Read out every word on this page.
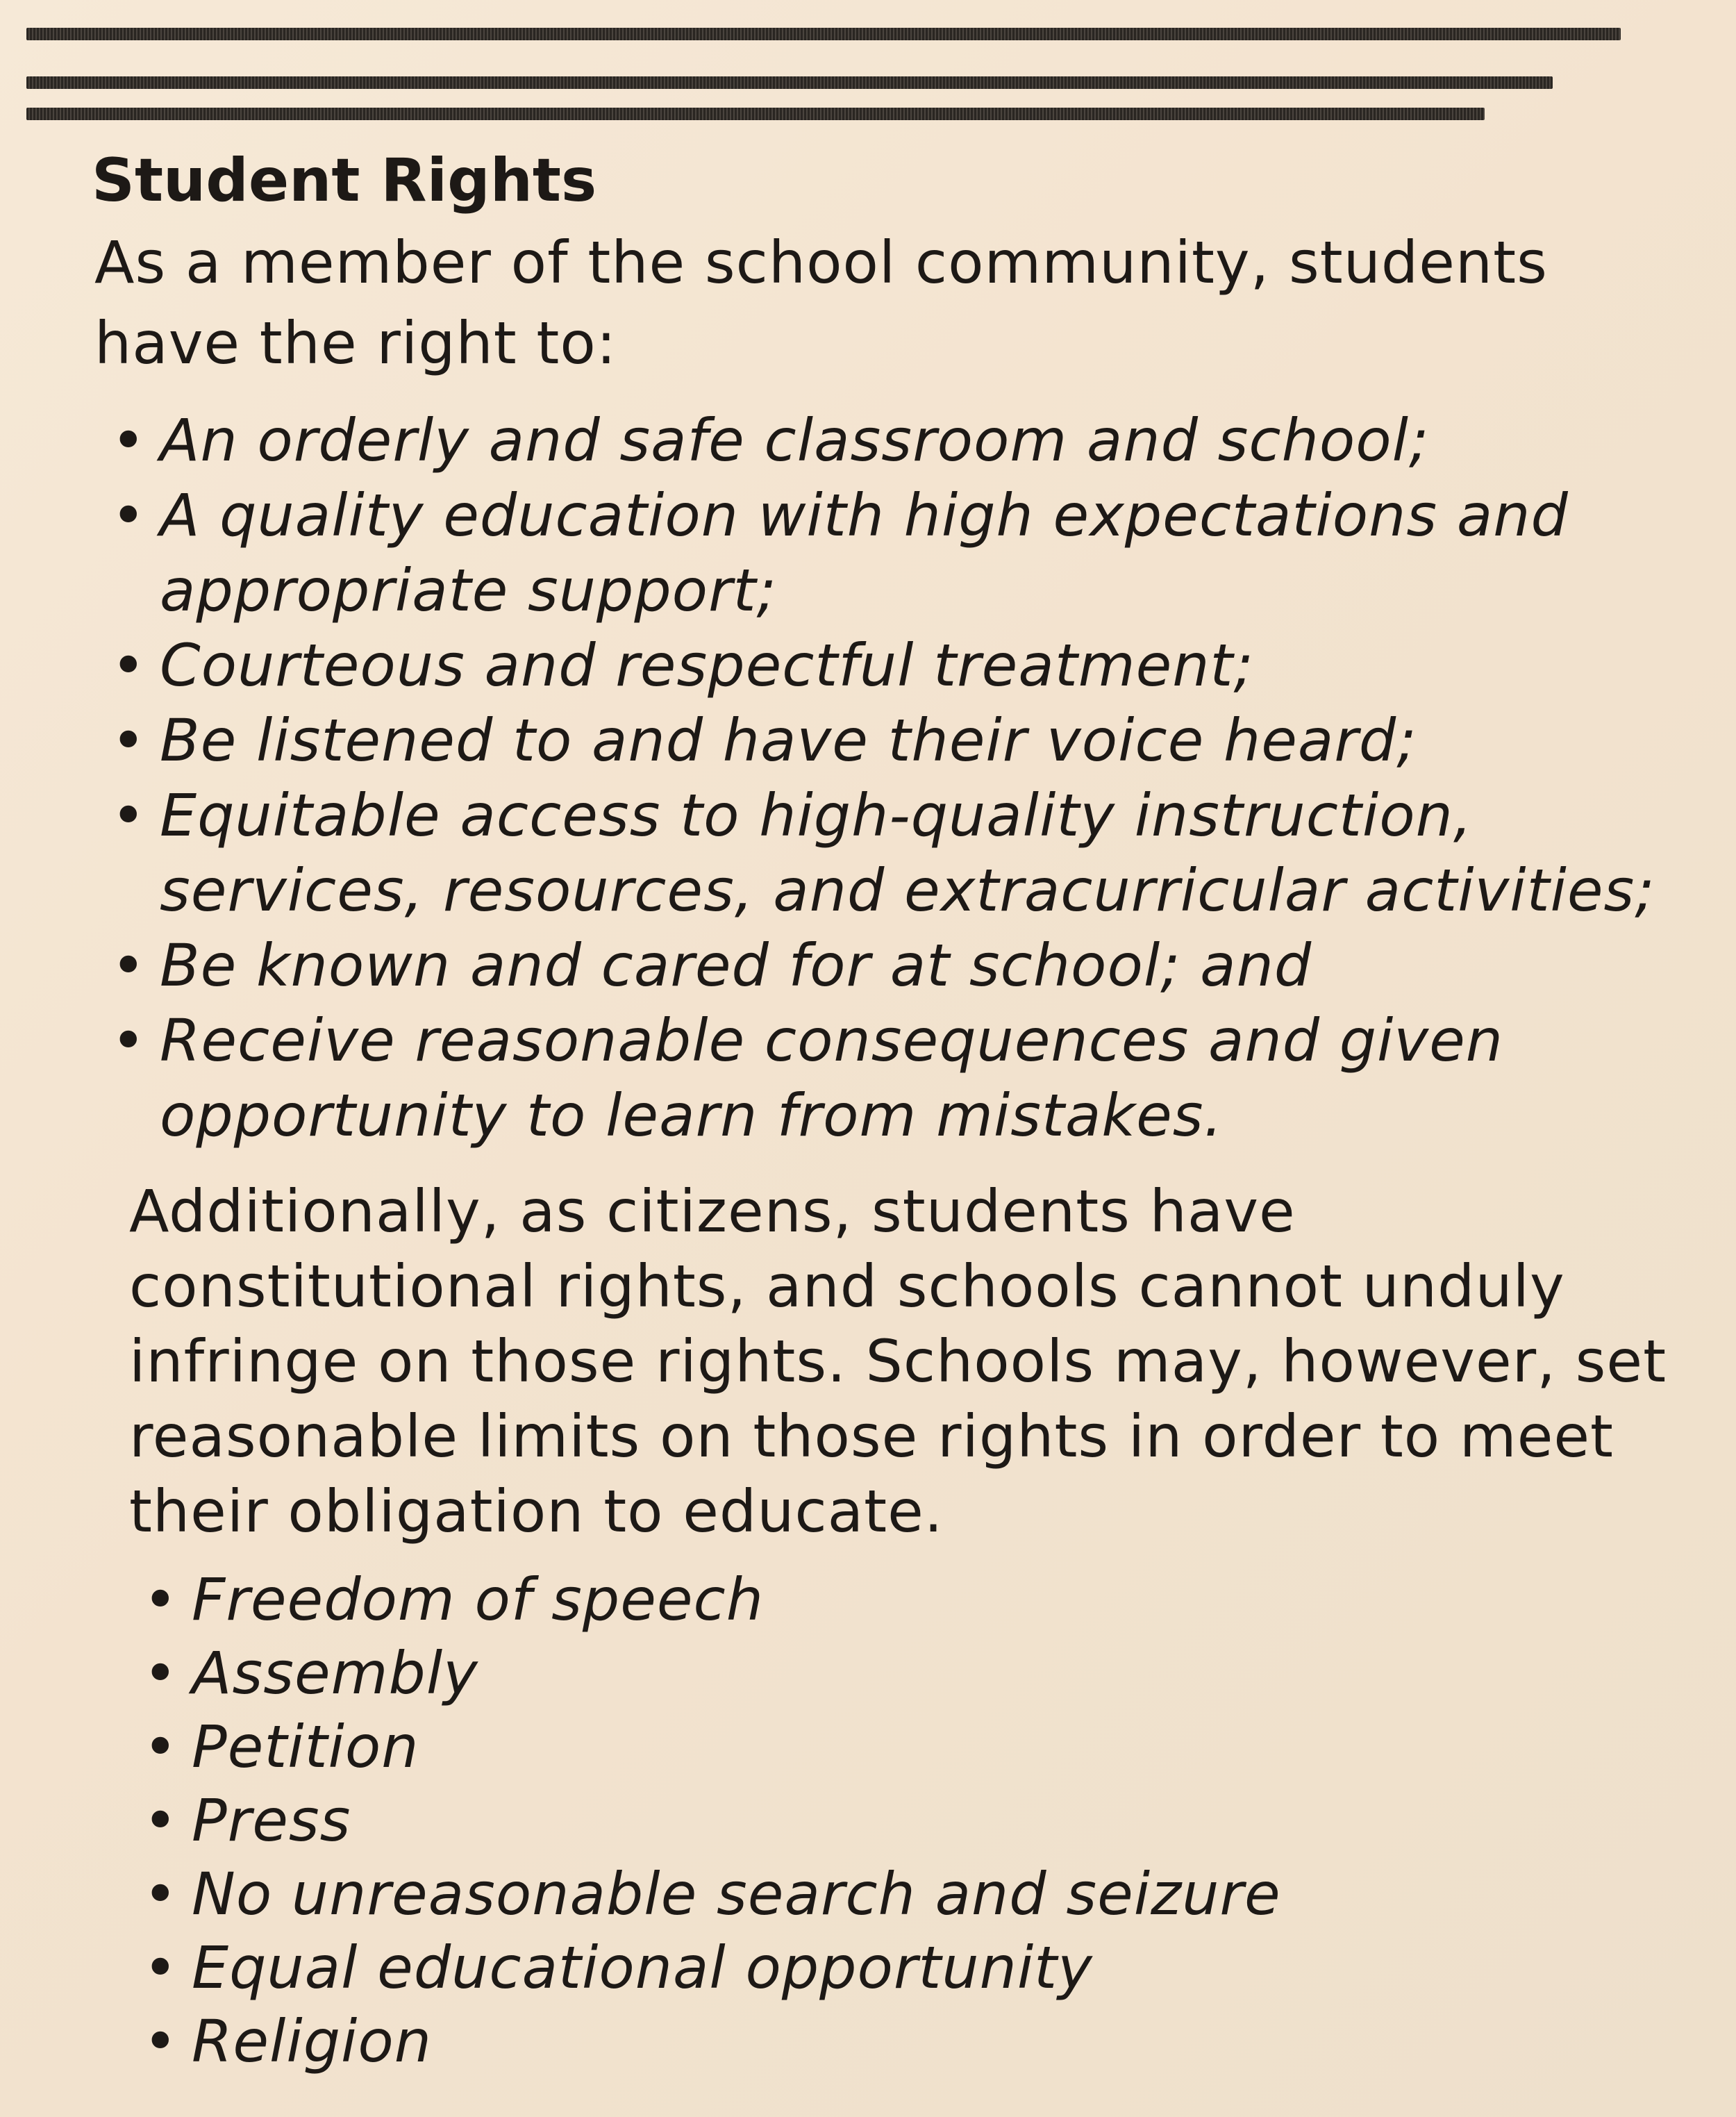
Student Rights

As a member of the school community, students have the right to:

• An orderly and safe classroom and school;
• A quality education with high expectations and appropriate support;
• Courteous and respectful treatment;
• Be listened to and have their voice heard;
• Equitable access to high-quality instruction, services, resources, and extracurricular activities;
• Be known and cared for at school; and
• Receive reasonable consequences and given opportunity to learn from mistakes.

Additionally, as citizens, students have constitutional rights, and schools cannot unduly infringe on those rights. Schools may, however, set reasonable limits on those rights in order to meet their obligation to educate.

• Freedom of speech
• Assembly
• Petition
• Press
• No unreasonable search and seizure
• Equal educational opportunity
• Religion
